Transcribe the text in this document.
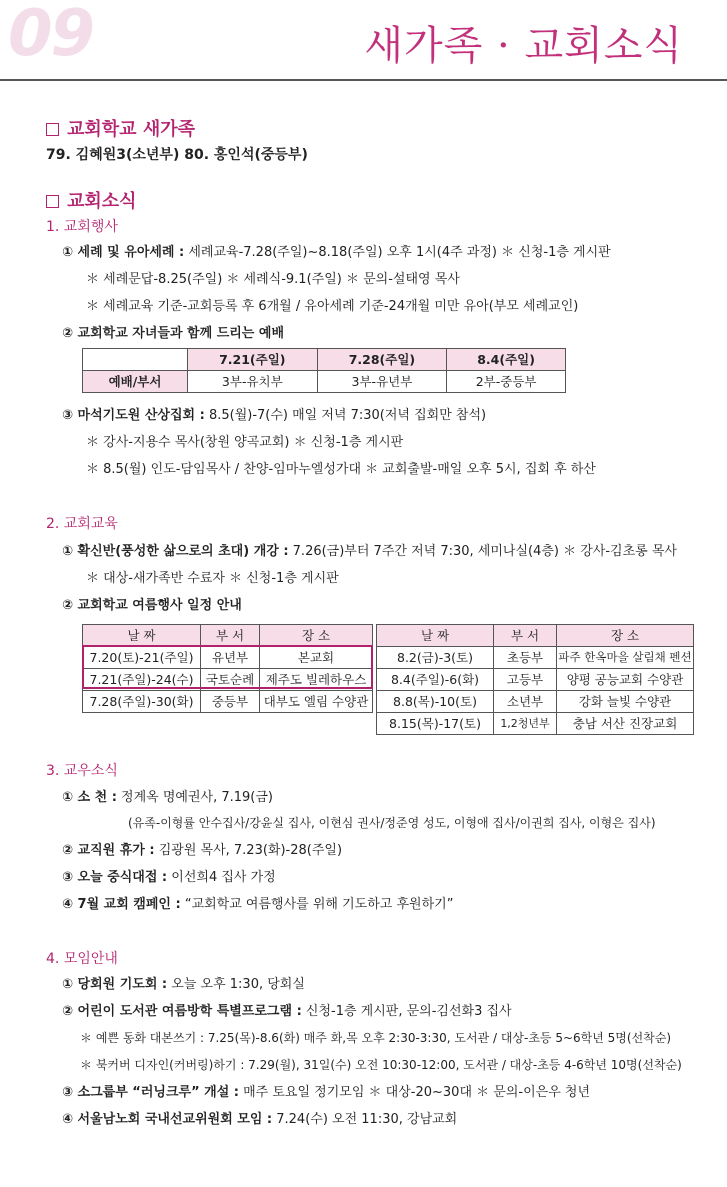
09	새가족 · 교회소식
교회학교 새가족
79. 김혜원3(소년부) 80. 홍인석(중등부)
교회소식
1. 교회행사
① 세례 및 유아세례 : 세례교육-7.28(주일)~8.18(주일) 오후 1시(4주 과정) ＊ 신청-1층 게시판
＊ 세례문답-8.25(주일) ＊ 세례식-9.1(주일) ＊ 문의-설태영 목사
＊ 세례교육 기준-교회등록 후 6개월 / 유아세례 기준-24개월 미만 유아(부모 세례교인)
② 교회학교 자녀들과 함께 드리는 예배
	7.21(주일)	7.28(주일)	8.4(주일)
예배/부서	3부-유치부	3부-유년부	2부-중등부
③ 마석기도원 산상집회 : 8.5(월)-7(수) 매일 저녁 7:30(저녁 집회만 참석)
＊ 강사-지용수 목사(창원 양곡교회) ＊ 신청-1층 게시판
＊ 8.5(월) 인도-담임목사 / 찬양-임마누엘성가대 ＊ 교회출발-매일 오후 5시, 집회 후 하산
2. 교회교육
① 확신반(풍성한 삶으로의 초대) 개강 : 7.26(금)부터 7주간 저녁 7:30, 세미나실(4층) ＊ 강사-김초롱 목사
＊ 대상-새가족반 수료자 ＊ 신청-1층 게시판
② 교회학교 여름행사 일정 안내
날 짜	부 서	장 소
7.20(토)-21(주일)	유년부	본교회
7.21(주일)-24(수)	국토순례	제주도 빌레하우스
7.28(주일)-30(화)	중등부	대부도 엘림 수양관
날 짜	부 서	장 소
8.2(금)-3(토)	초등부	파주 한옥마을 살림채 펜션
8.4(주일)-6(화)	고등부	양평 공능교회 수양관
8.8(목)-10(토)	소년부	강화 늘빛 수양관
8.15(목)-17(토)	1,2청년부	충남 서산 진장교회
3. 교우소식
① 소 천 : 정계옥 명예권사, 7.19(금)
(유족-이형률 안수집사/강윤실 집사, 이현심 권사/정준영 성도, 이형애 집사/이권희 집사, 이형은 집사)
② 교직원 휴가 : 김광원 목사, 7.23(화)-28(주일)
③ 오늘 중식대접 : 이선희4 집사 가정
④ 7월 교회 캠페인 : “교회학교 여름행사를 위해 기도하고 후원하기”
4. 모임안내
① 당회원 기도회 : 오늘 오후 1:30, 당회실
② 어린이 도서관 여름방학 특별프로그램 : 신청-1층 게시판, 문의-김선화3 집사
＊ 예쁜 동화 대본쓰기 : 7.25(목)-8.6(화) 매주 화,목 오후 2:30-3:30, 도서관 / 대상-초등 5~6학년 5명(선착순)
＊ 북커버 디자인(커버링)하기 : 7.29(월), 31일(수) 오전 10:30-12:00, 도서관 / 대상-초등 4-6학년 10명(선착순)
③ 소그룹부 “러닝크루” 개설 : 매주 토요일 정기모임 ＊ 대상-20~30대 ＊ 문의-이은우 청년
④ 서울남노회 국내선교위원회 모임 : 7.24(수) 오전 11:30, 강남교회
